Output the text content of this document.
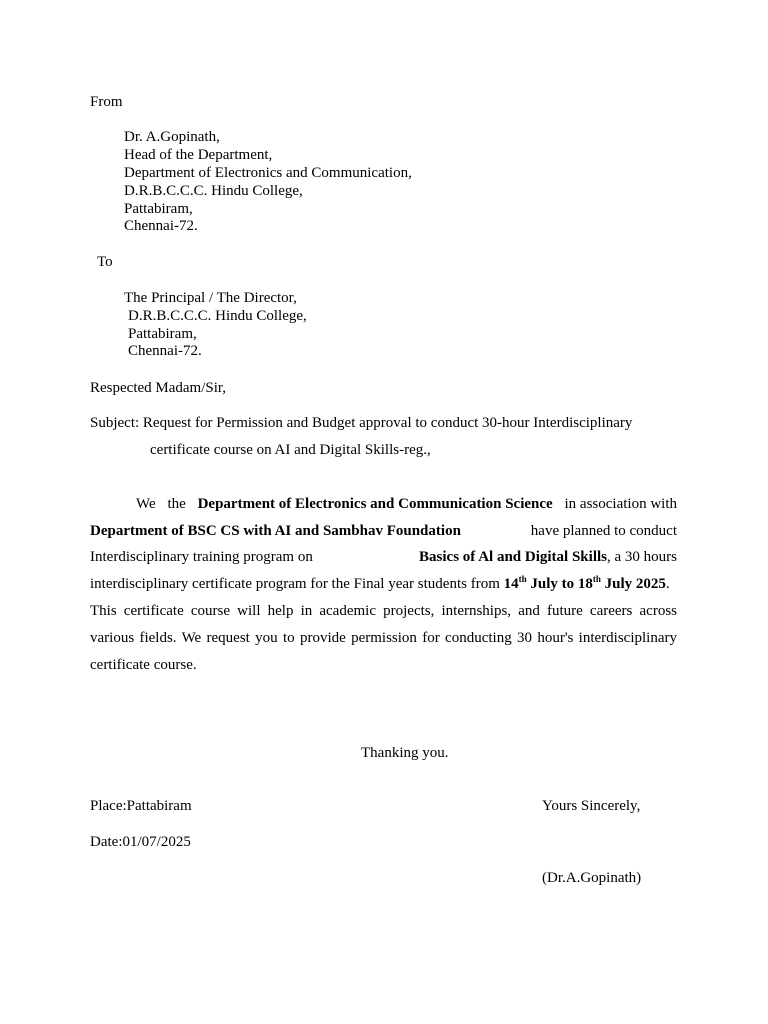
From
Dr. A.Gopinath,
Head of the Department,
Department of Electronics and Communication,
D.R.B.C.C.C. Hindu College,
Pattabiram,
Chennai-72.
To
The Principal / The Director,
D.R.B.C.C.C. Hindu College,
Pattabiram,
Chennai-72.
Respected Madam/Sir,
Subject: Request for Permission and Budget approval to conduct 30-hour Interdisciplinary
certificate course on AI and Digital Skills-reg.,
We the Department of Electronics and Communication Science in association with
Department of BSC CS with AI and Sambhav Foundation	have planned to conduct
Interdisciplinary training program on	Basics of Al and Digital Skills, a 30 hours
interdisciplinary certificate program for the Final year students from 14th July to 18th July 2025.
This certificate course will help in academic projects, internships, and future careers across
various fields. We request you to provide permission for conducting 30 hour's interdisciplinary
certificate course.
Thanking you.
Place:Pattabiram	Yours Sincerely,
Date:01/07/2025
(Dr.A.Gopinath)
